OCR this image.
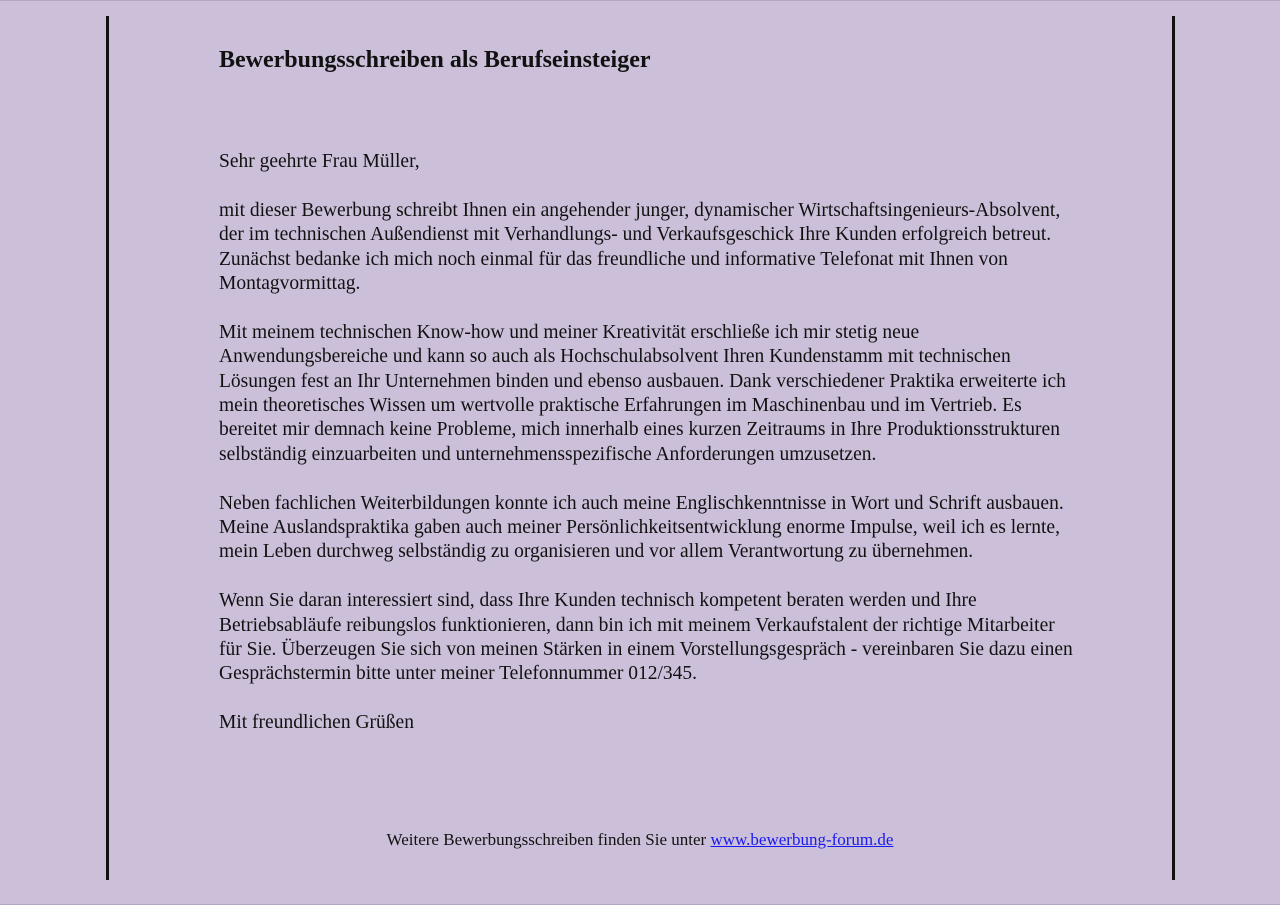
Bewerbungsschreiben als Berufseinsteiger

Sehr geehrte Frau Müller,

mit dieser Bewerbung schreibt Ihnen ein angehender junger, dynamischer Wirtschaftsingenieurs-Absolvent, der im technischen Außendienst mit Verhandlungs- und Verkaufsgeschick Ihre Kunden erfolgreich betreut. Zunächst bedanke ich mich noch einmal für das freundliche und informative Telefonat mit Ihnen von Montagvormittag.

Mit meinem technischen Know-how und meiner Kreativität erschließe ich mir stetig neue Anwendungsbereiche und kann so auch als Hochschulabsolvent Ihren Kundenstamm mit technischen Lösungen fest an Ihr Unternehmen binden und ebenso ausbauen. Dank verschiedener Praktika erweiterte ich mein theoretisches Wissen um wertvolle praktische Erfahrungen im Maschinenbau und im Vertrieb. Es bereitet mir demnach keine Probleme, mich innerhalb eines kurzen Zeitraums in Ihre Produktionsstrukturen selbständig einzuarbeiten und unternehmensspezifische Anforderungen umzusetzen.

Neben fachlichen Weiterbildungen konnte ich auch meine Englischkenntnisse in Wort und Schrift ausbauen. Meine Auslandspraktika gaben auch meiner Persönlichkeitsentwicklung enorme Impulse, weil ich es lernte, mein Leben durchweg selbständig zu organisieren und vor allem Verantwortung zu übernehmen.

Wenn Sie daran interessiert sind, dass Ihre Kunden technisch kompetent beraten werden und Ihre Betriebsabläufe reibungslos funktionieren, dann bin ich mit meinem Verkaufstalent der richtige Mitarbeiter für Sie. Überzeugen Sie sich von meinen Stärken in einem Vorstellungsgespräch - vereinbaren Sie dazu einen Gesprächstermin bitte unter meiner Telefonnummer 012/345.

Mit freundlichen Grüßen

Weitere Bewerbungsschreiben finden Sie unter www.bewerbung-forum.de
